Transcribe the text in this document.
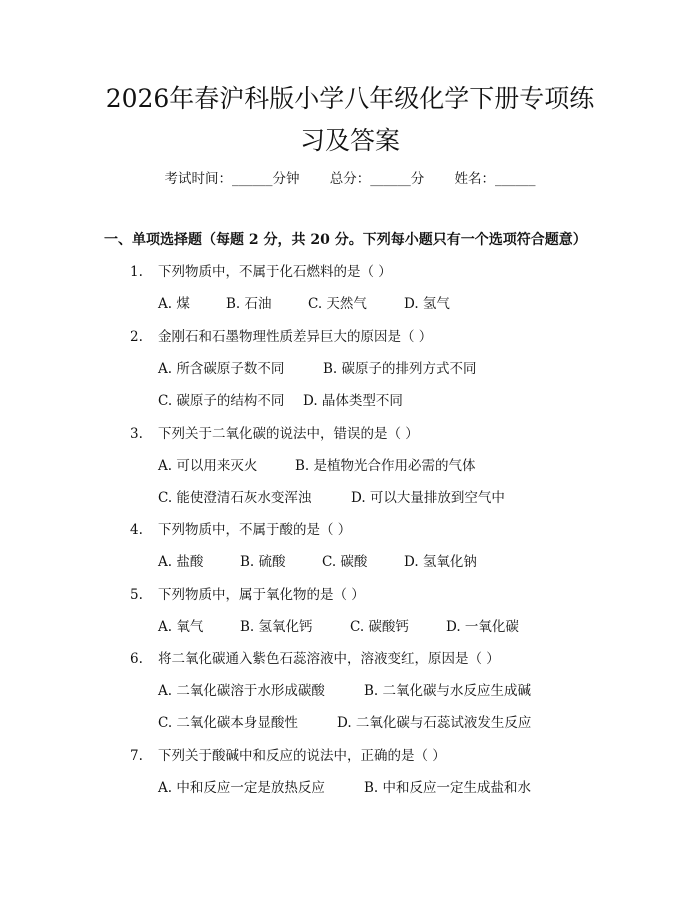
2026年春沪科版小学八年级化学下册专项练
习及答案
考试时间：______分钟 总分：______分 姓名：______
一、单项选择题（每题 2 分，共 20 分。下列每小题只有一个选项符合题意）
1. 下列物质中，不属于化石燃料的是（ ）
A. 煤	B. 石油	C. 天然气	D. 氢气
2. 金刚石和石墨物理性质差异巨大的原因是（ ）
A. 所含碳原子数不同	B. 碳原子的排列方式不同
C. 碳原子的结构不同 D. 晶体类型不同
3. 下列关于二氧化碳的说法中，错误的是（ ）
A. 可以用来灭火	B. 是植物光合作用必需的气体
C. 能使澄清石灰水变浑浊	D. 可以大量排放到空气中
4. 下列物质中，不属于酸的是（ ）
A. 盐酸	B. 硫酸	C. 碳酸	D. 氢氧化钠
5. 下列物质中，属于氧化物的是（ ）
A. 氧气	B. 氢氧化钙	C. 碳酸钙	D. 一氧化碳
6. 将二氧化碳通入紫色石蕊溶液中，溶液变红，原因是（ ）
A. 二氧化碳溶于水形成碳酸	B. 二氧化碳与水反应生成碱
C. 二氧化碳本身显酸性	D. 二氧化碳与石蕊试液发生反应
7. 下列关于酸碱中和反应的说法中，正确的是（ ）
A. 中和反应一定是放热反应	B. 中和反应一定生成盐和水
